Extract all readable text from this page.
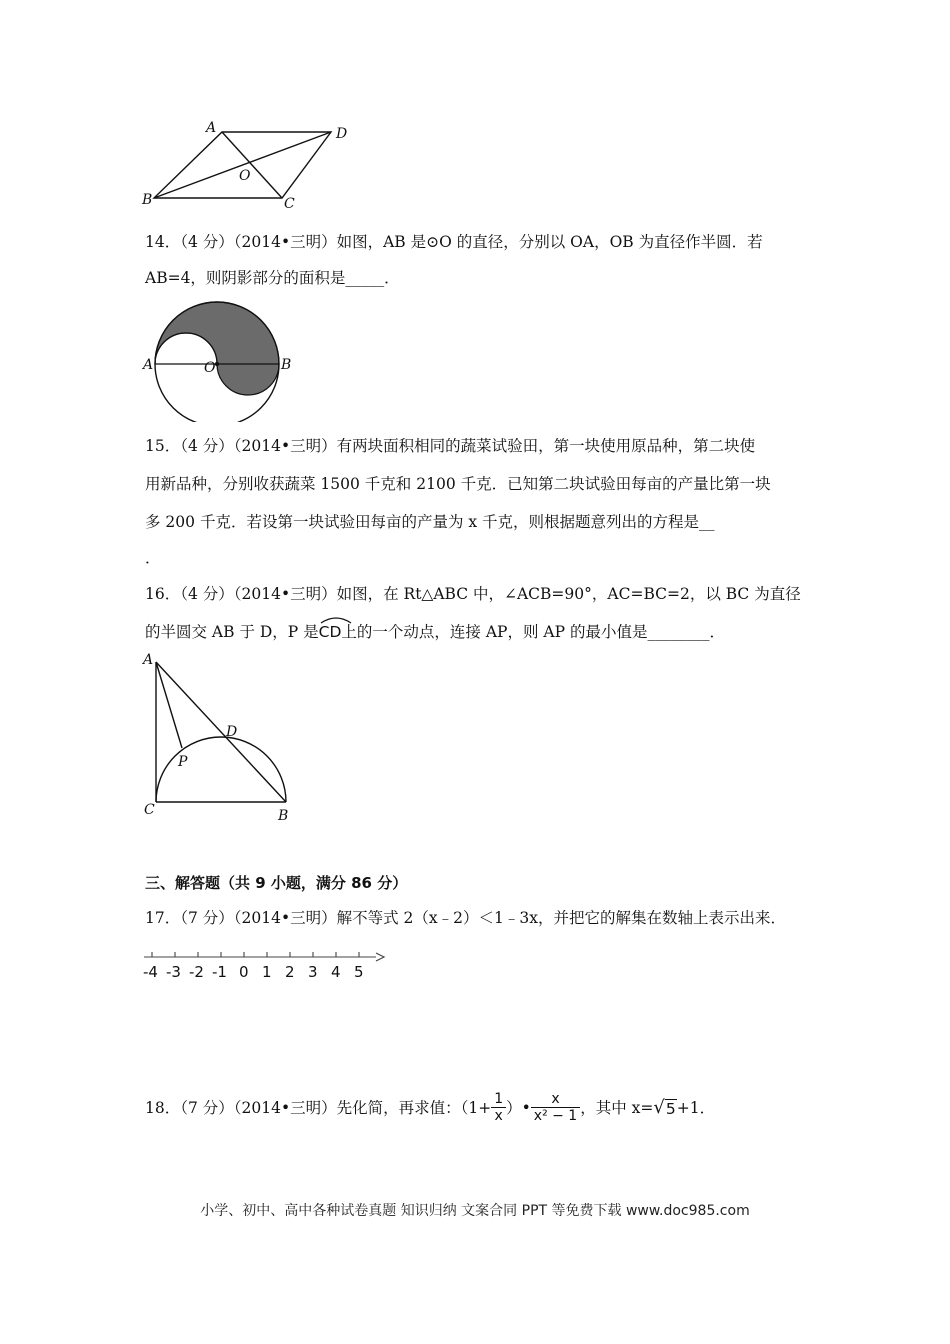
A	D
O
B	C
14．（4 分）（2014•三明）如图，AB 是⊙O 的直径，分别以 OA，OB 为直径作半圆．若
AB=4，则阴影部分的面积是_____．
A	O	B
15．（4 分）（2014•三明）有两块面积相同的蔬菜试验田，第一块使用原品种，第二块使
用新品种，分别收获蔬菜 1500 千克和 2100 千克．已知第二块试验田每亩的产量比第一块
多 200 千克．若设第一块试验田每亩的产量为 x 千克，则根据题意列出的方程是__
．
16．（4 分）（2014•三明）如图，在 Rt△ABC 中，∠ACB=90°，AC=BC=2，以 BC 为直径
的半圆交 AB 于 D，P 是
CD上的一个动点，连接 AP，则 AP 的最小值是________．
A
D
P
C	B
三、解答题（共 9 小题，满分 86 分）
17．（7 分）（2014•三明）解不等式 2（x﹣2）＜1﹣3x，并把它的解集在数轴上表示出来．
-4 -3 -2 -1 0 1 2 3 4 5
18．（7 分）（2014•三明）先化简，再求值：（$1+ \frac{1}{x}$ ）• $\frac{x}{\text{x² − 1}}$ ，其中 x= √ 5 +1．
小学、初中、高中各种试卷真题 知识归纳 文案合同 PPT 等免费下载 www.doc985.com
